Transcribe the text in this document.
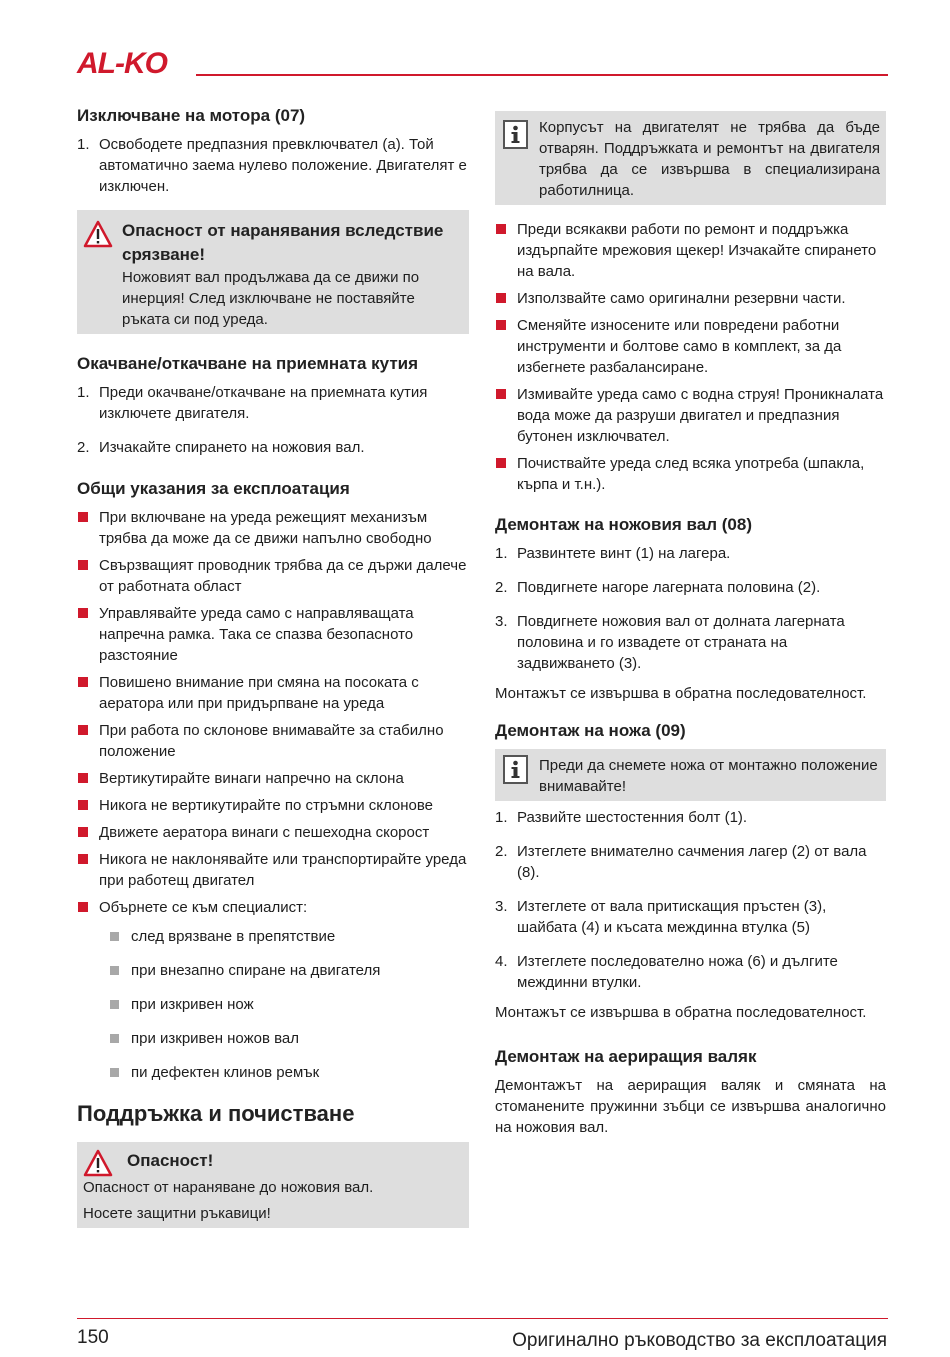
AL-KO
Изключване на мотора (07)
1. Освободете предпазния превключвател (a). Той автоматично заема нулево положение. Двигателят е изключен.
Опасност от наранявания вследствие срязване!
Ножовият вал продължава да се движи по инерция! След изключване не поставяйте ръката си под уреда.
Окачване/откачване на приемната кутия
1. Преди окачване/откачване на приемната кутия изключете двигателя.
2. Изчакайте спирането на ножовия вал.
Общи указания за експлоатация
При включване на уреда режещият механизъм трябва да може да се движи напълно свободно
Свързващият проводник трябва да се държи далече от работната област
Управлявайте уреда само с направляващата напречна рамка. Така се спазва безопасното разстояние
Повишено внимание при смяна на посоката с аератора или при придърпване на уреда
При работа по склонове внимавайте за стабилно положение
Вертикутирайте винаги напречно на склона
Никога не вертикутирайте по стръмни склонове
Движете аератора винаги с пешеходна скорост
Никога не наклонявайте или транспортирайте уреда при работещ двигател
Обърнете се към специалист:
след врязване в препятствие
при внезапно спиране на двигателя
при изкривен нож
при изкривен ножов вал
пи дефектен клинов ремък
Поддръжка и почистване
Опасност!
Опасност от нараняване до ножовия вал.
Носете защитни ръкавици!
Корпусът на двигателят не трябва да бъде отварян. Поддръжката и ремонтът на двигателя трябва да се извършва в специализирана работилница.
Преди всякакви работи по ремонт и поддръжка издърпайте мрежовия щекер! Изчакайте спирането на вала.
Използвайте само оригинални резервни части.
Сменяйте износените или повредени работни инструменти и болтове само в комплект, за да избегнете разбалансиране.
Измивайте уреда само с водна струя! Проникналата вода може да разруши двигател и предпазния бутонен изключвател.
Почиствайте уреда след всяка употреба (шпакла, кърпа и т.н.).
Демонтаж на ножовия вал (08)
1. Развинтете винт (1) на лагера.
2. Повдигнете нагоре лагерната половина (2).
3. Повдигнете ножовия вал от долната лагерната половина и го извадете от страната на задвижването (3).

Монтажът се извършва в обратна последователност.

Демонтаж на ножа (09)
Преди да снемете ножа от монтажно положение внимавайте!
1. Развийте шестостенния болт (1).
2. Изтеглете внимателно сачмения лагер (2) от вала (8).
3. Изтеглете от вала притискащия пръстен (3), шайбата (4) и късата междинна втулка (5)
4. Изтеглете последователно ножа (6) и дългите междинни втулки.

Монтажът се извършва в обратна последователност.

Демонтаж на аериращия валяк

Демонтажът на аериращия валяк и смяната на стоманените пружинни зъбци се извършва аналогично на ножовия вал.

150	Оригинално ръководство за експлоатация
